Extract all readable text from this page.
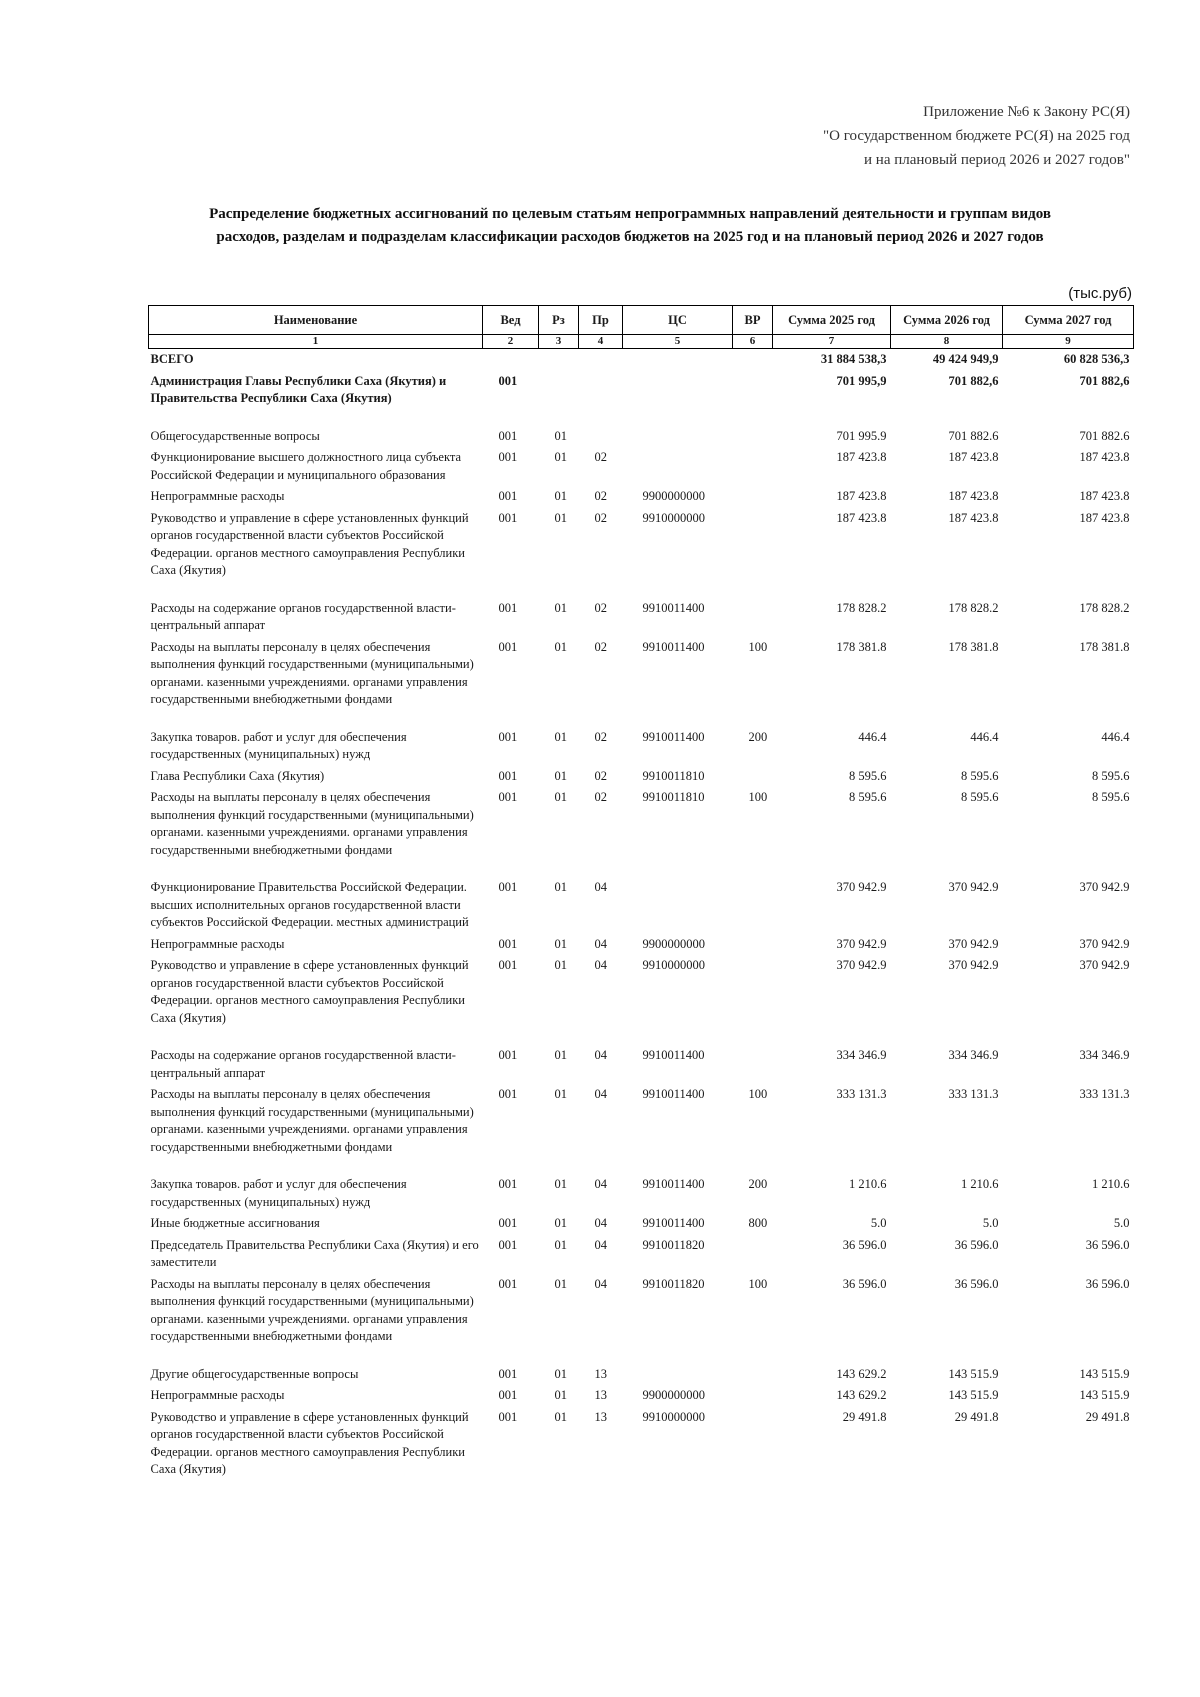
Приложение №6 к Закону РС(Я)
"О государственном бюджете РС(Я) на 2025 год
и на плановый период 2026 и 2027 годов"
Распределение бюджетных ассигнований по целевым статьям непрограммных направлений деятельности и группам видов
расходов, разделам и подразделам классификации расходов бюджетов на 2025 год и на плановый период 2026 и 2027 годов
(тыс.руб)
Наименование	Вед	Рз	Пр	ЦС	ВР	Сумма 2025 год	Сумма 2026 год	Сумма 2027 год
1	2	3	4	5	6	7	8	9
ВСЕГО						31 884 538,3	49 424 949,9	60 828 536,3
Администрация Главы Республики Саха (Якутия) и Правительства Республики Саха (Якутия)	001					701 995,9	701 882,6	701 882,6
Общегосударственные вопросы	001	01				701 995.9	701 882.6	701 882.6
Функционирование высшего должностного лица субъекта Российской Федерации и муниципального образования	001	01	02			187 423.8	187 423.8	187 423.8
Непрограммные расходы	001	01	02	9900000000		187 423.8	187 423.8	187 423.8
Руководство и управление в сфере установленных функций органов государственной власти субъектов Российской Федерации. органов местного самоуправления Республики Саха (Якутия)	001	01	02	9910000000		187 423.8	187 423.8	187 423.8
Расходы на содержание органов государственной власти- центральный аппарат	001	01	02	9910011400		178 828.2	178 828.2	178 828.2
Расходы на выплаты персоналу в целях обеспечения выполнения функций государственными (муниципальными) органами. казенными учреждениями. органами управления государственными внебюджетными фондами	001	01	02	9910011400	100	178 381.8	178 381.8	178 381.8
Закупка товаров. работ и услуг для обеспечения государственных (муниципальных) нужд	001	01	02	9910011400	200	446.4	446.4	446.4
Глава Республики Саха (Якутия)	001	01	02	9910011810		8 595.6	8 595.6	8 595.6
Расходы на выплаты персоналу в целях обеспечения выполнения функций государственными (муниципальными) органами. казенными учреждениями. органами управления государственными внебюджетными фондами	001	01	02	9910011810	100	8 595.6	8 595.6	8 595.6
Функционирование Правительства Российской Федерации. высших исполнительных органов государственной власти субъектов Российской Федерации. местных администраций	001	01	04			370 942.9	370 942.9	370 942.9
Непрограммные расходы	001	01	04	9900000000		370 942.9	370 942.9	370 942.9
Руководство и управление в сфере установленных функций органов государственной власти субъектов Российской Федерации. органов местного самоуправления Республики Саха (Якутия)	001	01	04	9910000000		370 942.9	370 942.9	370 942.9
Расходы на содержание органов государственной власти- центральный аппарат	001	01	04	9910011400		334 346.9	334 346.9	334 346.9
Расходы на выплаты персоналу в целях обеспечения выполнения функций государственными (муниципальными) органами. казенными учреждениями. органами управления государственными внебюджетными фондами	001	01	04	9910011400	100	333 131.3	333 131.3	333 131.3
Закупка товаров. работ и услуг для обеспечения государственных (муниципальных) нужд	001	01	04	9910011400	200	1 210.6	1 210.6	1 210.6
Иные бюджетные ассигнования	001	01	04	9910011400	800	5.0	5.0	5.0
Председатель Правительства Республики Саха (Якутия) и его заместители	001	01	04	9910011820		36 596.0	36 596.0	36 596.0
Расходы на выплаты персоналу в целях обеспечения выполнения функций государственными (муниципальными) органами. казенными учреждениями. органами управления государственными внебюджетными фондами	001	01	04	9910011820	100	36 596.0	36 596.0	36 596.0
Другие общегосударственные вопросы	001	01	13			143 629.2	143 515.9	143 515.9
Непрограммные расходы	001	01	13	9900000000		143 629.2	143 515.9	143 515.9
Руководство и управление в сфере установленных функций органов государственной власти субъектов Российской Федерации. органов местного самоуправления Республики Саха (Якутия)	001	01	13	9910000000		29 491.8	29 491.8	29 491.8
